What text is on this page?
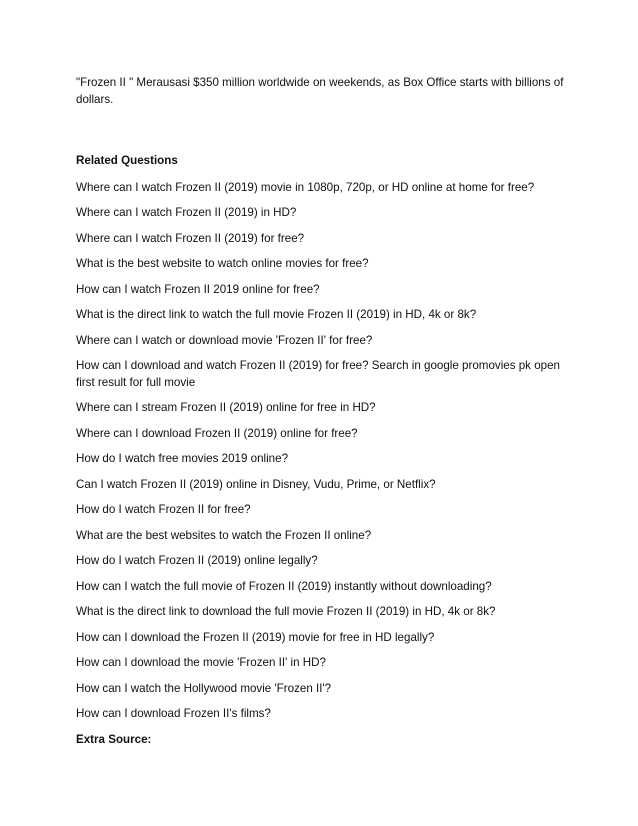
"Frozen II " Merausasi $350 million worldwide on weekends, as Box Office starts with billions of dollars.

Related Questions

Where can I watch Frozen II (2019) movie in 1080p, 720p, or HD online at home for free?
Where can I watch Frozen II (2019) in HD?
Where can I watch Frozen II (2019) for free?
What is the best website to watch online movies for free?
How can I watch Frozen II 2019 online for free?
What is the direct link to watch the full movie Frozen II (2019) in HD, 4k or 8k?
Where can I watch or download movie 'Frozen II' for free?
How can I download and watch Frozen II (2019) for free? Search in google promovies pk open first result for full movie
Where can I stream Frozen II (2019) online for free in HD?
Where can I download Frozen II (2019) online for free?
How do I watch free movies 2019 online?
Can I watch Frozen II (2019) online in Disney, Vudu, Prime, or Netflix?
How do I watch Frozen II for free?
What are the best websites to watch the Frozen II online?
How do I watch Frozen II (2019) online legally?
How can I watch the full movie of Frozen II (2019) instantly without downloading?
What is the direct link to download the full movie Frozen II (2019) in HD, 4k or 8k?
How can I download the Frozen II (2019) movie for free in HD legally?
How can I download the movie 'Frozen II' in HD?
How can I watch the Hollywood movie 'Frozen II'?
How can I download Frozen II's films?

Extra Source:
